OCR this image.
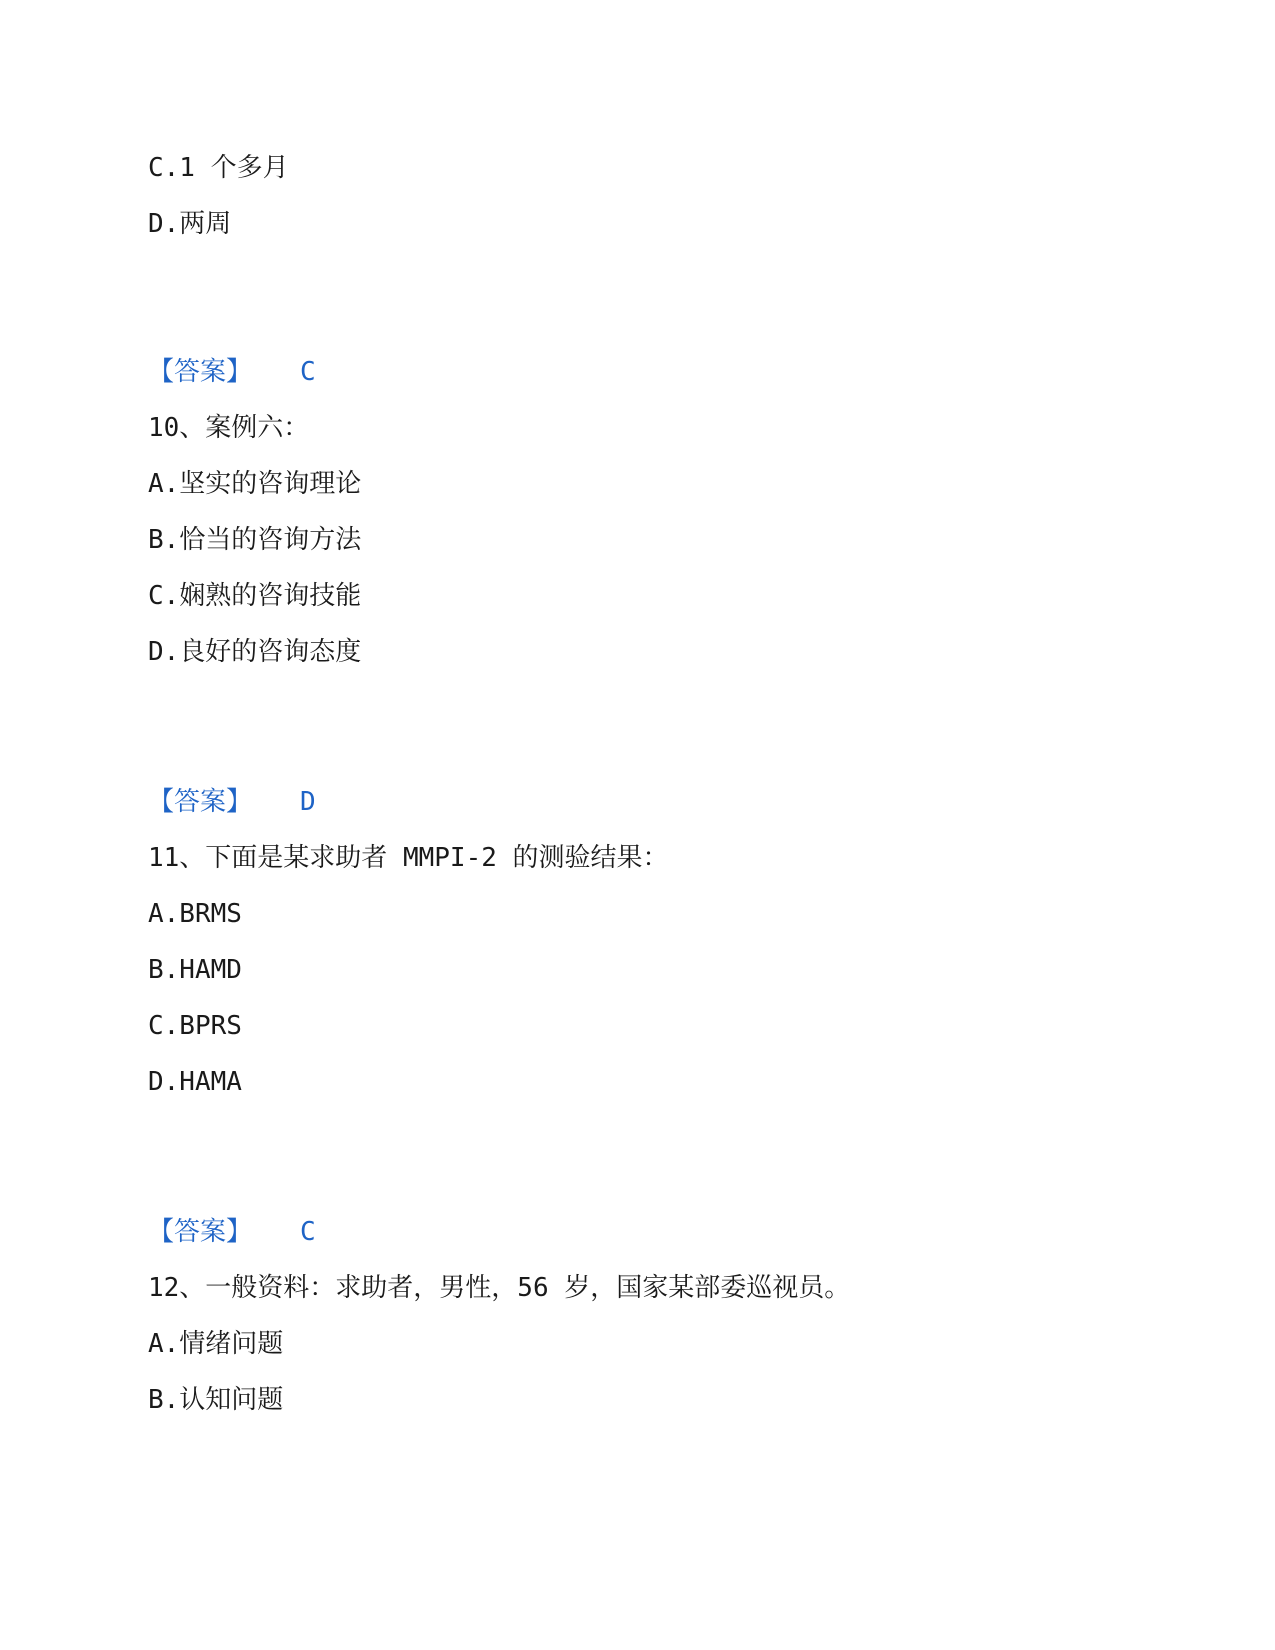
C.1 个多月
D.两周
【答案】 C
10、案例六：
A.坚实的咨询理论
B.恰当的咨询方法
C.娴熟的咨询技能
D.良好的咨询态度
【答案】 D
11、下面是某求助者 MMPI-2 的测验结果：
A.BRMS
B.HAMD
C.BPRS
D.HAMA
【答案】 C
12、一般资料：求助者，男性，56 岁，国家某部委巡视员。
A.情绪问题
B.认知问题
